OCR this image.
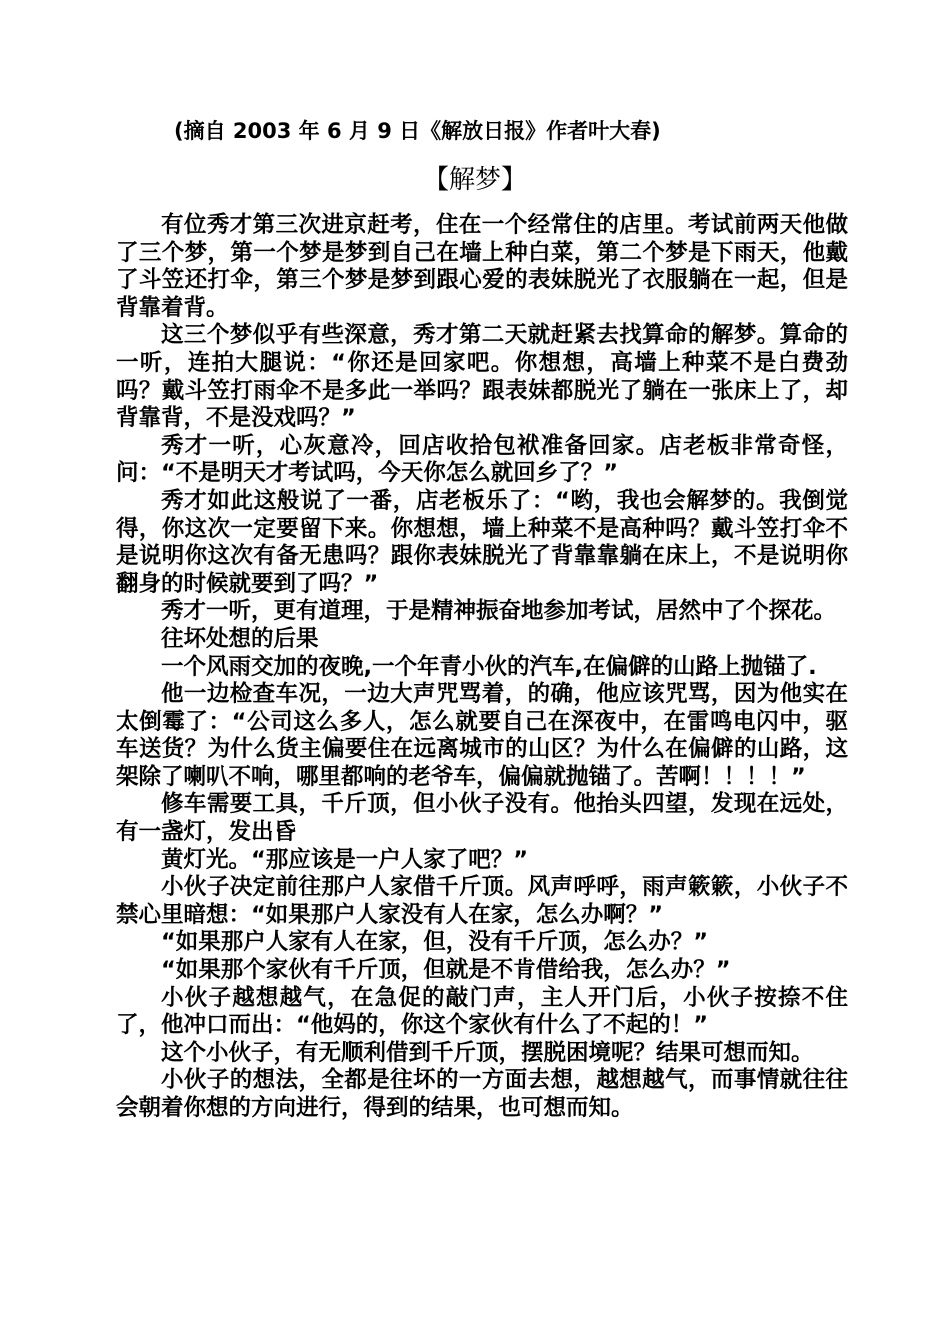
(摘自 2003 年 6 月 9 日《解放日报》作者叶大春)
【解梦】

有位秀才第三次进京赶考，住在一个经常住的店里。考试前两天他做了三个梦，第一个梦是梦到自己在墙上种白菜，第二个梦是下雨天，他戴了斗笠还打伞，第三个梦是梦到跟心爱的表妹脱光了衣服躺在一起，但是背靠着背。

这三个梦似乎有些深意，秀才第二天就赶紧去找算命的解梦。算命的一听，连拍大腿说：“你还是回家吧。你想想，高墙上种菜不是白费劲吗？戴斗笠打雨伞不是多此一举吗？跟表妹都脱光了躺在一张床上了，却背靠背，不是没戏吗？”

秀才一听，心灰意冷，回店收拾包袱准备回家。店老板非常奇怪，问：“不是明天才考试吗，今天你怎么就回乡了？”

秀才如此这般说了一番，店老板乐了：“哟，我也会解梦的。我倒觉得，你这次一定要留下来。你想想，墙上种菜不是高种吗？戴斗笠打伞不是说明你这次有备无患吗？跟你表妹脱光了背靠靠躺在床上，不是说明你翻身的时候就要到了吗？”

秀才一听，更有道理，于是精神振奋地参加考试，居然中了个探花。

往坏处想的后果

一个风雨交加的夜晚,一个年青小伙的汽车,在偏僻的山路上抛锚了.

他一边检查车况，一边大声咒骂着，的确，他应该咒骂，因为他实在太倒霉了：“公司这么多人，怎么就要自己在深夜中，在雷鸣电闪中，驱车送货？为什么货主偏要住在远离城市的山区？为什么在偏僻的山路，这架除了喇叭不响，哪里都响的老爷车，偏偏就抛锚了。苦啊！！！！”

修车需要工具，千斤顶，但小伙子没有。他抬头四望，发现在远处，有一盏灯，发出昏

黄灯光。“那应该是一户人家了吧？”

小伙子决定前往那户人家借千斤顶。风声呼呼，雨声簌簌，小伙子不禁心里暗想：“如果那户人家没有人在家，怎么办啊？”

“如果那户人家有人在家，但，没有千斤顶，怎么办？”

“如果那个家伙有千斤顶，但就是不肯借给我，怎么办？”

小伙子越想越气，在急促的敲门声，主人开门后，小伙子按捺不住了，他冲口而出：“他妈的，你这个家伙有什么了不起的！”

这个小伙子，有无顺利借到千斤顶，摆脱困境呢？结果可想而知。

小伙子的想法，全都是往坏的一方面去想，越想越气，而事情就往往会朝着你想的方向进行，得到的结果，也可想而知。
